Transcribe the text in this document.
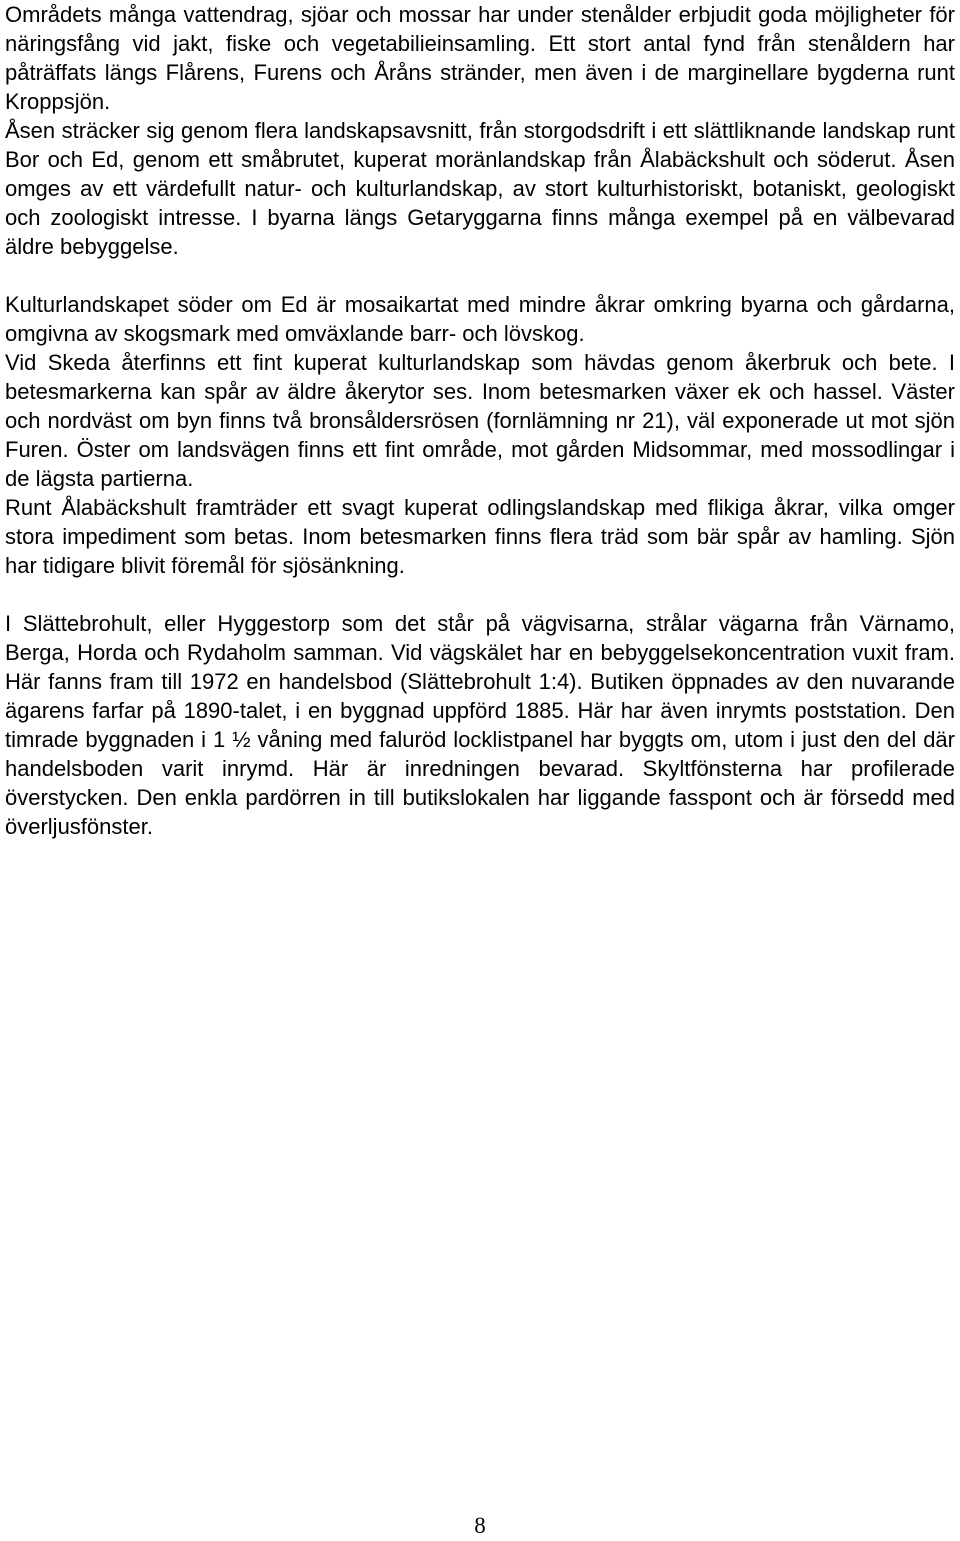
Områdets många vattendrag, sjöar och mossar har under stenålder erbjudit goda möjligheter för näringsfång vid jakt, fiske och vegetabilieinsamling. Ett stort antal fynd från stenåldern har påträffats längs Flårens, Furens och Åråns stränder, men även i de marginellare bygderna runt Kroppsjön.

Åsen sträcker sig genom flera landskapsavsnitt, från storgodsdrift i ett slättliknande landskap runt Bor och Ed, genom ett småbrutet, kuperat moränlandskap från Ålabäckshult och söderut. Åsen omges av ett värdefullt natur- och kulturlandskap, av stort kulturhistoriskt, botaniskt, geologiskt och zoologiskt intresse. I byarna längs Getaryggarna finns många exempel på en välbevarad äldre bebyggelse.

Kulturlandskapet söder om Ed är mosaikartat med mindre åkrar omkring byarna och gårdarna, omgivna av skogsmark med omväxlande barr- och lövskog.

Vid Skeda återfinns ett fint kuperat kulturlandskap som hävdas genom åkerbruk och bete. I betesmarkerna kan spår av äldre åkerytor ses. Inom betesmarken växer ek och hassel. Väster och nordväst om byn finns två bronsåldersrösen (fornlämning nr 21), väl exponerade ut mot sjön Furen. Öster om landsvägen finns ett fint område, mot gården Midsommar, med mossodlingar i de lägsta partierna.

Runt Ålabäckshult framträder ett svagt kuperat odlingslandskap med flikiga åkrar, vilka omger stora impediment som betas. Inom betesmarken finns flera träd som bär spår av hamling. Sjön har tidigare blivit föremål för sjösänkning.

I Slättebrohult, eller Hyggestorp som det står på vägvisarna, strålar vägarna från Värnamo, Berga, Horda och Rydaholm samman. Vid vägskälet har en bebyggelsekoncentration vuxit fram. Här fanns fram till 1972 en handelsbod (Slättebrohult 1:4). Butiken öppnades av den nuvarande ägarens farfar på 1890-talet, i en byggnad uppförd 1885. Här har även inrymts poststation. Den timrade byggnaden i 1 ½ våning med faluröd locklistpanel har byggts om, utom i just den del där handelsboden varit inrymd. Här är inredningen bevarad. Skyltfönsterna har profilerade överstycken. Den enkla pardörren in till butikslokalen har liggande fasspont och är försedd med överljusfönster.

8
